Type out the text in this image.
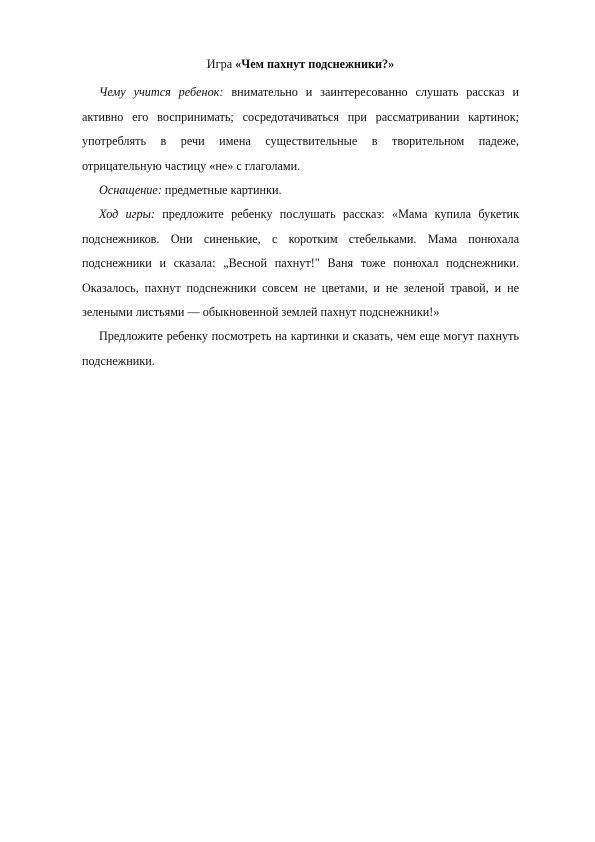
Игра «Чем пахнут подснежники?»

Чему учится ребенок: внимательно и заинтересованно слушать рассказ и активно его воспринимать; сосредотачиваться при рассматривании картинок; употреблять в речи имена существительные в творительном падеже, отрицательную частицу «не» с глаголами.

Оснащение: предметные картинки.

Ход игры: предложите ребенку послушать рассказ: «Мама купила букетик подснежников. Они синенькие, с коротким стебельками. Мама понюхала подснежники и сказала: „Весной пахнут!" Ваня тоже понюхал подснежники. Оказалось, пахнут подснежники совсем не цветами, и не зеленой травой, и не зелеными листьями — обыкновенной землей пахнут подснежники!»

Предложите ребенку посмотреть на картинки и сказать, чем еще могут пахнуть подснежники.
